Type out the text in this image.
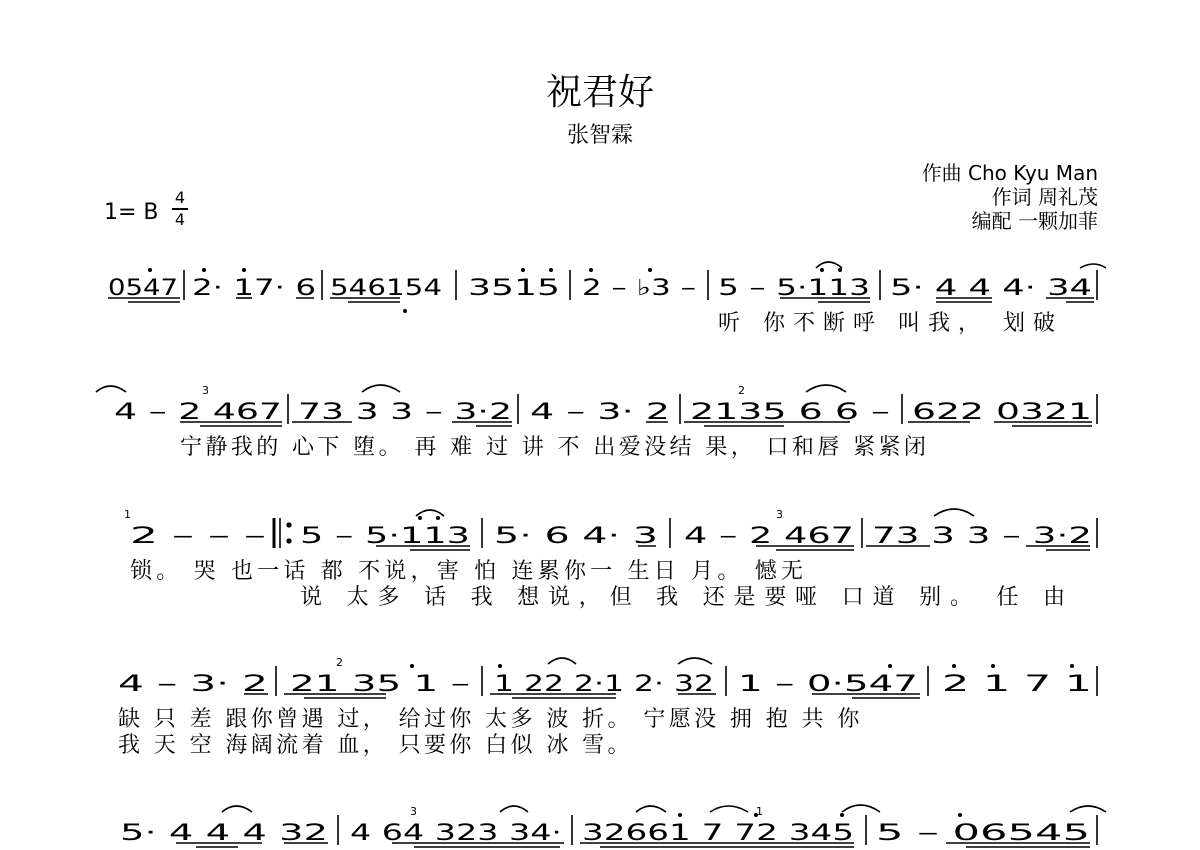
祝君好
张智霖
作曲 Cho Kyu Man
作词 周礼茂
编配 一颗加菲
1= B
4
4
0547 2· 17· 6 546154 3515 2 – ♭3 – 5 – 5·113 5· 4 4 4· 34
4 – 2 467 73 3 3 – 3·2 4 – 3· 2 2135 6 6 – 622 0321
2 – – – 5 – 5·113 5· 6 4· 3 4 – 2 467 73 3 3 – 3·2
4 – 3· 2 21 35 1 – 1 22 2·1 2· 32 1 – 0·547 2 1 7 1
5· 4 4 4 32 4 64 323 34· 32661 7 72 345 5 – 06545
3	2
1	3
2
3	1
听 你不断呼 叫我， 划破
宁静我的 心下 堕。 再 难 过 讲 不 出爱没结 果， 口和唇 紧紧闭
锁。 哭 也一话 都 不说，害 怕 连累你一 生日 月。 憾无
说 太多 话 我 想说，但 我 还是要哑 口道 别。 任 由
缺 只 差 跟你曾遇 过， 给过你 太多 波 折。 宁愿没 拥 抱 共 你
我 天 空 海阔流着 血， 只要你 白似 冰 雪。
